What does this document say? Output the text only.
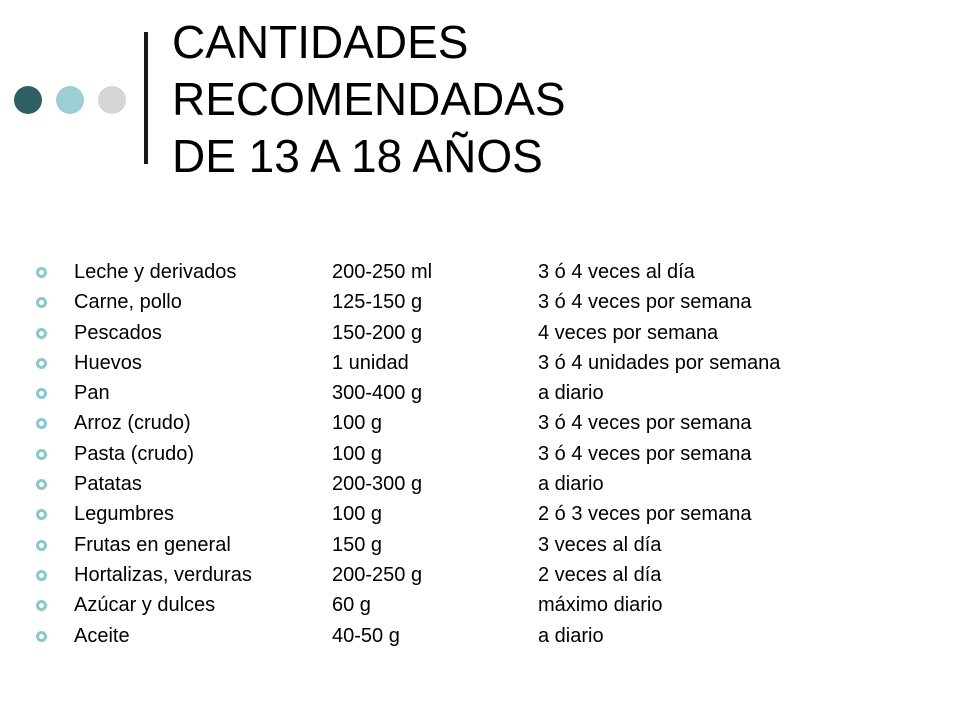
CANTIDADES
RECOMENDADAS
DE 13 A 18 AÑOS
Leche y derivados	200-250 ml	3 ó 4 veces al día
Carne, pollo	125-150 g	3 ó 4 veces por semana
Pescados	150-200 g	4 veces por semana
Huevos	1 unidad	3 ó 4 unidades por semana
Pan	300-400 g	a diario
Arroz (crudo)	100 g	3 ó 4 veces por semana
Pasta (crudo)	100 g	3 ó 4 veces por semana
Patatas	200-300 g	a diario
Legumbres	100 g	2 ó 3 veces por semana
Frutas en general	150 g	3 veces al día
Hortalizas, verduras	200-250 g	2 veces al día
Azúcar y dulces	60 g	máximo diario
Aceite	40-50 g	a diario
